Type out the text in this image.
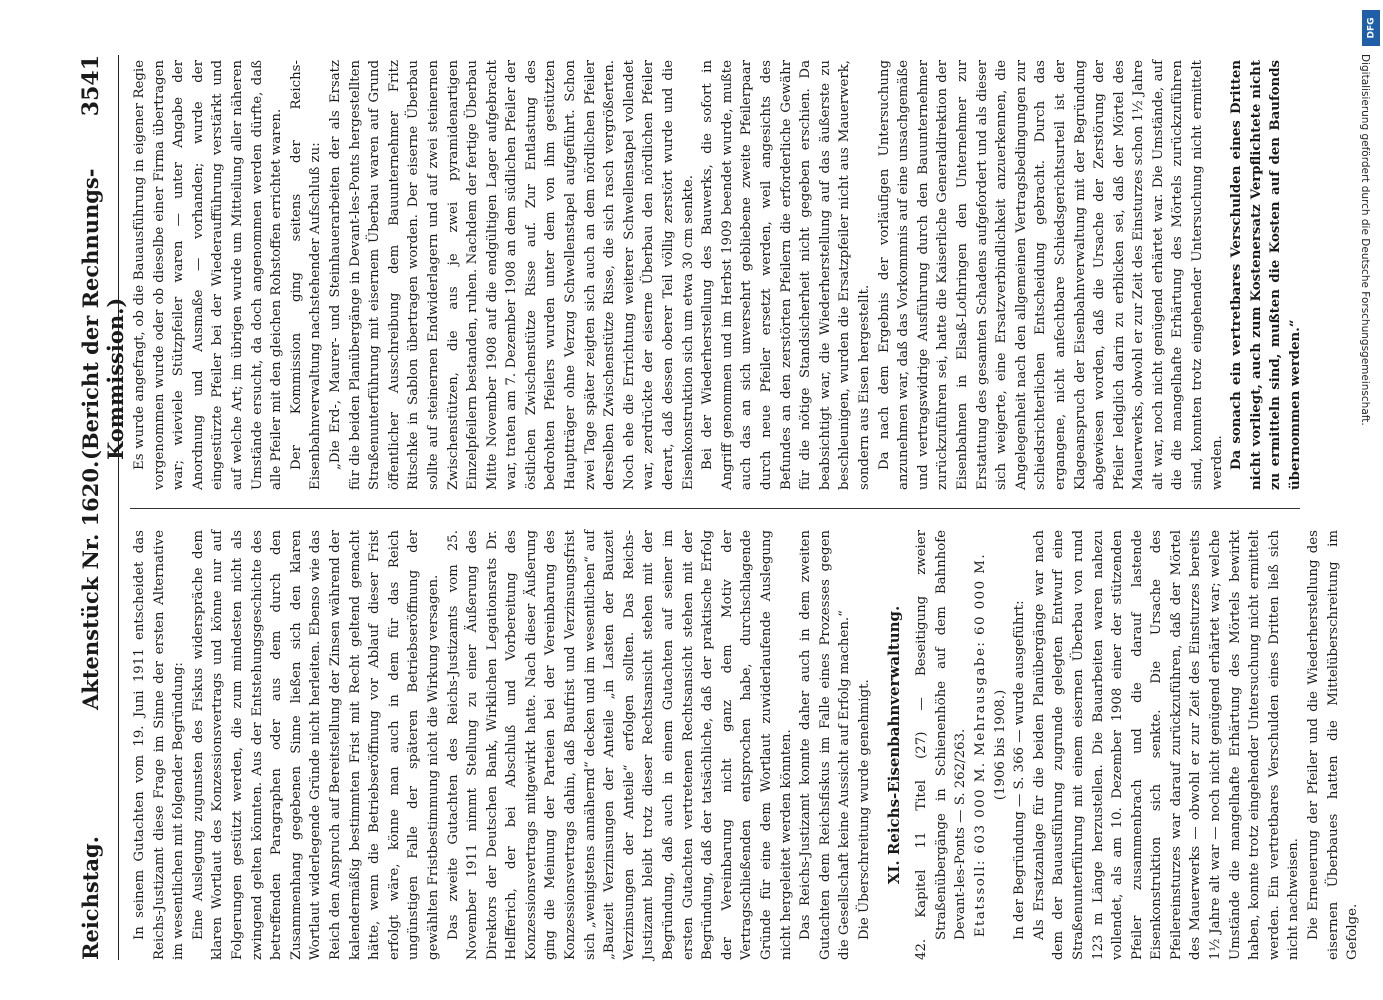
Reichstag.
Aktenstück Nr. 1620.
(Bericht der Rechnungs-Kommission.)
3541

In seinem Gutachten vom 19. Juni 1911 entscheidet das Reichs-Justizamt diese Frage im Sinne der ersten Alternative im wesentlichen mit folgender Begründung: Eine Auslegung zugunsten des Fiskus widerspräche dem klaren Wortlaut des Konzessionsvertrags und könne nur auf Folgerungen gestützt werden, die zum mindesten nicht als zwingend gelten könnten. Aus der Entstehungsgeschichte des betreffenden Paragraphen oder aus dem durch den Zusammenhang gegebenen Sinne ließen sich den klaren Wortlaut widerlegende Gründe nicht herleiten. Ebenso wie das Reich den Anspruch auf Bereitstellung der Zinsen während der kalendermäßig bestimmten Frist mit Recht geltend gemacht hätte, wenn die Betriebseröffnung vor Ablauf dieser Frist erfolgt wäre, könne man auch in dem für das Reich ungünstigen Falle der späteren Betriebseröffnung der gewählten Fristbestimmung nicht die Wirkung versagen. Das zweite Gutachten des Reichs-Justizamts vom 25. November 1911 nimmt Stellung zu einer Äußerung des Direktors der Deutschen Bank, Wirklichen Legationsrats Dr. Helfferich, der bei Abschluß und Vorbereitung des Konzessionsvertrags mitgewirkt hatte. Nach dieser Äußerung ging die Meinung der Parteien bei der Vereinbarung des Konzessionsvertrags dahin, daß Baufrist und Verzinsungsfrist sich „wenigstens annähernd“ decken und im wesentlichen“ auf „Bauzeit Verzinsungen der Anteile „in Lasten der Bauzeit Verzinsungen der Anteile“ erfolgen sollten. Das Reichs-Justizamt bleibt trotz dieser Rechtsansicht stehen mit der Begründung, daß auch in einem Gutachten auf seiner im ersten Gutachten vertretenen Rechtsansicht stehen mit der Begründung, daß der tatsächliche, daß der praktische Erfolg der Vereinbarung nicht ganz dem Motiv der Vertragschließenden entsprochen habe, durchschlagende Gründe für eine dem Wortlaut zuwiderlaufende Auslegung nicht hergeleitet werden könnten. Das Reichs-Justizamt konnte daher auch in dem zweiten Gutachten dem Reichsfiskus im Falle eines Prozesses gegen die Gesellschaft keine Aussicht auf Erfolg machen.“ Die Überschreitung wurde genehmigt. XI. Reichs-Eisenbahnverwaltung.

42. Kapitel 11 Titel (27) — Beseitigung zweier Straßenübergänge in Schienenhöhe auf dem Bahnhofe Devant-les-Ponts — S. 262/263. Etatssoll: 603 000 M. Mehrausgabe: 60 000 M. (1906 bis 1908.) In der Begründung — S. 366 — wurde ausgeführt: Als Ersatzanlage für die beiden Planübergänge war nach dem der Bauausführung zugrunde gelegten Entwurf eine Straßenunterführung mit einem eisernen Überbau von rund 123 m Länge herzustellen. Die Bauarbeiten waren nahezu vollendet, als am 10. Dezember 1908 einer der stützenden Pfeiler zusammenbrach und die darauf lastende Eisenkonstruktion sich senkte. Die Ursache des Pfeilereinsturzes war darauf zurückzuführen, daß der Mörtel des Mauerwerks — obwohl er zur Zeit des Einsturzes bereits 1½ Jahre alt war — noch nicht genügend erhärtet war; welche Umstände die mangelhafte Erhärtung des Mörtels bewirkt haben, konnte trotz eingehender Untersuchung nicht ermittelt werden. Ein vertretbares Verschulden eines Dritten ließ sich nicht nachweisen. Die Erneuerung der Pfeiler und die Wiederherstellung des eisernen Überbaues hatten die Mittelüberschreitung im Gefolge.

Es wurde angefragt, ob die Bauausführung in eigener Regie vorgenommen wurde oder ob dieselbe einer Firma übertragen war; wieviele Stützpfeiler waren — unter Angabe der Anordnung und Ausmaße — vorhanden; wurde der eingestürzte Pfeiler bei der Wiederaufführung verstärkt und auf welche Art; im übrigen wurde um Mitteilung aller näheren Umstände ersucht, da doch angenommen werden dürfte, daß alle Pfeiler mit den gleichen Rohstoffen errichtet waren. Der Kommission ging seitens der Reichs-Eisenbahnverwaltung nachstehender Aufschluß zu: „Die Erd-, Maurer- und Steinhauerarbeiten der als Ersatz für die beiden Planübergänge in Devant-les-Ponts hergestellten Straßenunterführung mit eisernem Überbau waren auf Grund öffentlicher Ausschreibung dem Bauunternehmer Fritz Ritschke in Sablon übertragen worden. Der eiserne Überbau sollte auf steinernen Endwiderlagern und auf zwei steinernen Zwischenstützen, die aus je zwei pyramidenartigen Einzelpfeilern bestanden, ruhen. Nachdem der fertige Überbau Mitte November 1908 auf die endgültigen Lager aufgebracht war, traten am 7. Dezember 1908 an dem südlichen Pfeiler der östlichen Zwischenstütze Risse auf. Zur Entlastung des bedrohten Pfeilers wurden unter dem von ihm gestützten Hauptträger ohne Verzug Schwellenstapel aufgeführt. Schon zwei Tage später zeigten sich auch an dem nördlichen Pfeiler derselben Zwischenstütze Risse, die sich rasch vergrößerten. Noch ehe die Errichtung weiterer Schwellenstapel vollendet war, zerdrückte der eiserne Überbau den nördlichen Pfeiler derart, daß dessen oberer Teil völlig zerstört wurde und die Eisenkonstruktion sich um etwa 30 cm senkte. Bei der Wiederherstellung des Bauwerks, die sofort in Angriff genommen und im Herbst 1909 beendet wurde, mußte auch das an sich unversehrt gebliebene zweite Pfeilerpaar durch neue Pfeiler ersetzt werden, weil angesichts des Befundes an den zerstörten Pfeilern die erforderliche Gewähr für die nötige Standsicherheit nicht gegeben erschien. Da beabsichtigt war, die Wiederherstellung auf das äußerste zu beschleunigen, wurden die Ersatzpfeiler nicht aus Mauerwerk, sondern aus Eisen hergestellt. Da nach dem Ergebnis der vorläufigen Untersuchung anzunehmen war, daß das Vorkommnis auf eine unsachgemäße und vertragswidrige Ausführung durch den Bauunternehmer zurückzuführen sei, hatte die Kaiserliche Generaldirektion der Eisenbahnen in Elsaß-Lothringen den Unternehmer zur Erstattung des gesamten Schadens aufgefordert und als dieser sich weigerte, eine Ersatzverbindlichkeit anzuerkennen, die Angelegenheit nach den allgemeinen Vertragsbedingungen zur schiedsrichterlichen Entscheidung gebracht. Durch das ergangene, nicht anfechtbare Schiedsgerichtsurteil ist der Klageanspruch der Eisenbahnverwaltung mit der Begründung abgewiesen worden, daß die Ursache der Zerstörung der Pfeiler lediglich darin zu erblicken sei, daß der Mörtel des Mauerwerks, obwohl er zur Zeit des Einsturzes schon 1½ Jahre alt war, noch nicht genügend erhärtet war. Die Umstände, auf die die mangelhafte Erhärtung des Mörtels zurückzuführen sind, konnten trotz eingehender Untersuchung nicht ermittelt werden. Da sonach ein vertretbares Verschulden eines Dritten nicht vorliegt, auch zum Kostenersatz Verpflichtete nicht zu ermitteln sind, mußten die Kosten auf den Baufonds übernommen werden.“

DFG
Digitalisierung gefördert durch die Deutsche Forschungsgemeinschaft.
